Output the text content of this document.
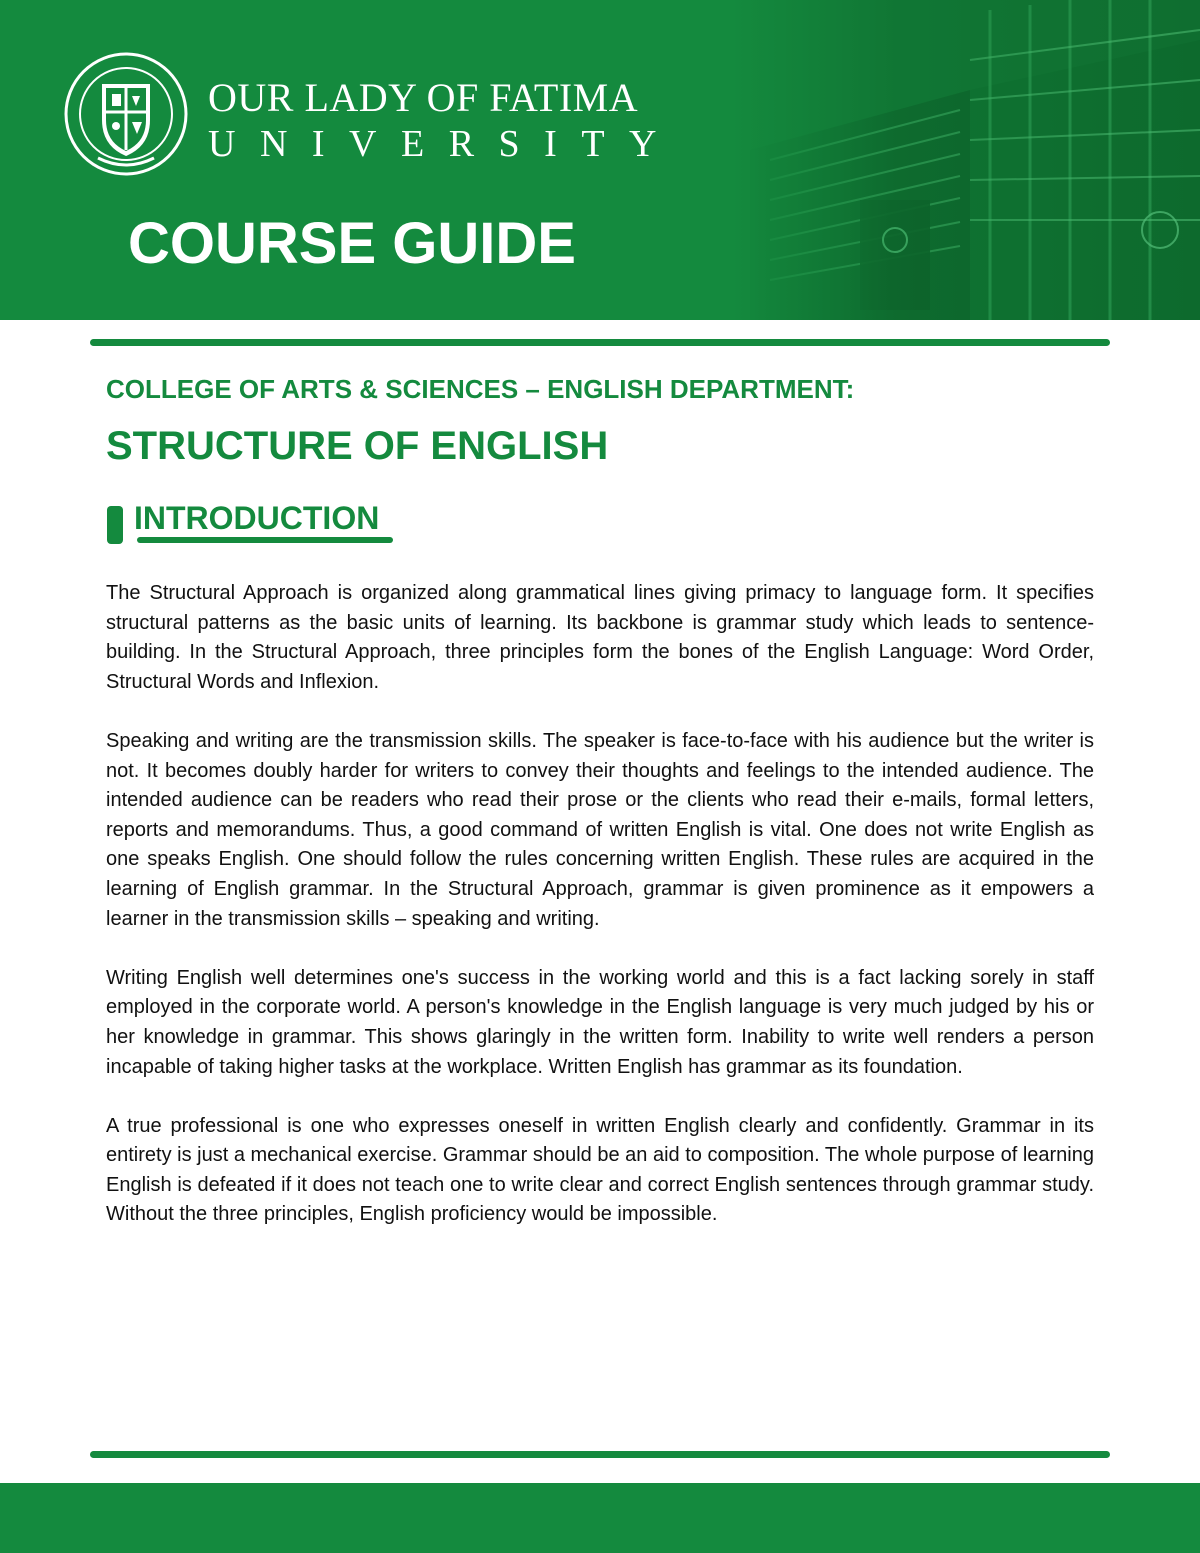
OUR LADY OF FATIMA

UNIVERSITY

COURSE GUIDE
COLLEGE OF ARTS & SCIENCES – ENGLISH DEPARTMENT:
STRUCTURE OF ENGLISH
INTRODUCTION

The Structural Approach is organized along grammatical lines giving primacy to language form. It specifies structural patterns as the basic units of learning. Its backbone is grammar study which leads to sentence-building. In the Structural Approach, three principles form the bones of the English Language: Word Order, Structural Words and Inflexion.

Speaking and writing are the transmission skills. The speaker is face-to-face with his audience but the writer is not. It becomes doubly harder for writers to convey their thoughts and feelings to the intended audience. The intended audience can be readers who read their prose or the clients who read their e-mails, formal letters, reports and memorandums. Thus, a good command of written English is vital. One does not write English as one speaks English. One should follow the rules concerning written English. These rules are acquired in the learning of English grammar. In the Structural Approach, grammar is given prominence as it empowers a learner in the transmission skills – speaking and writing.

Writing English well determines one's success in the working world and this is a fact lacking sorely in staff employed in the corporate world. A person's knowledge in the English language is very much judged by his or her knowledge in grammar. This shows glaringly in the written form. Inability to write well renders a person incapable of taking higher tasks at the workplace. Written English has grammar as its foundation.

A true professional is one who expresses oneself in written English clearly and confidently. Grammar in its entirety is just a mechanical exercise. Grammar should be an aid to composition. The whole purpose of learning English is defeated if it does not teach one to write clear and correct English sentences through grammar study. Without the three principles, English proficiency would be impossible.
